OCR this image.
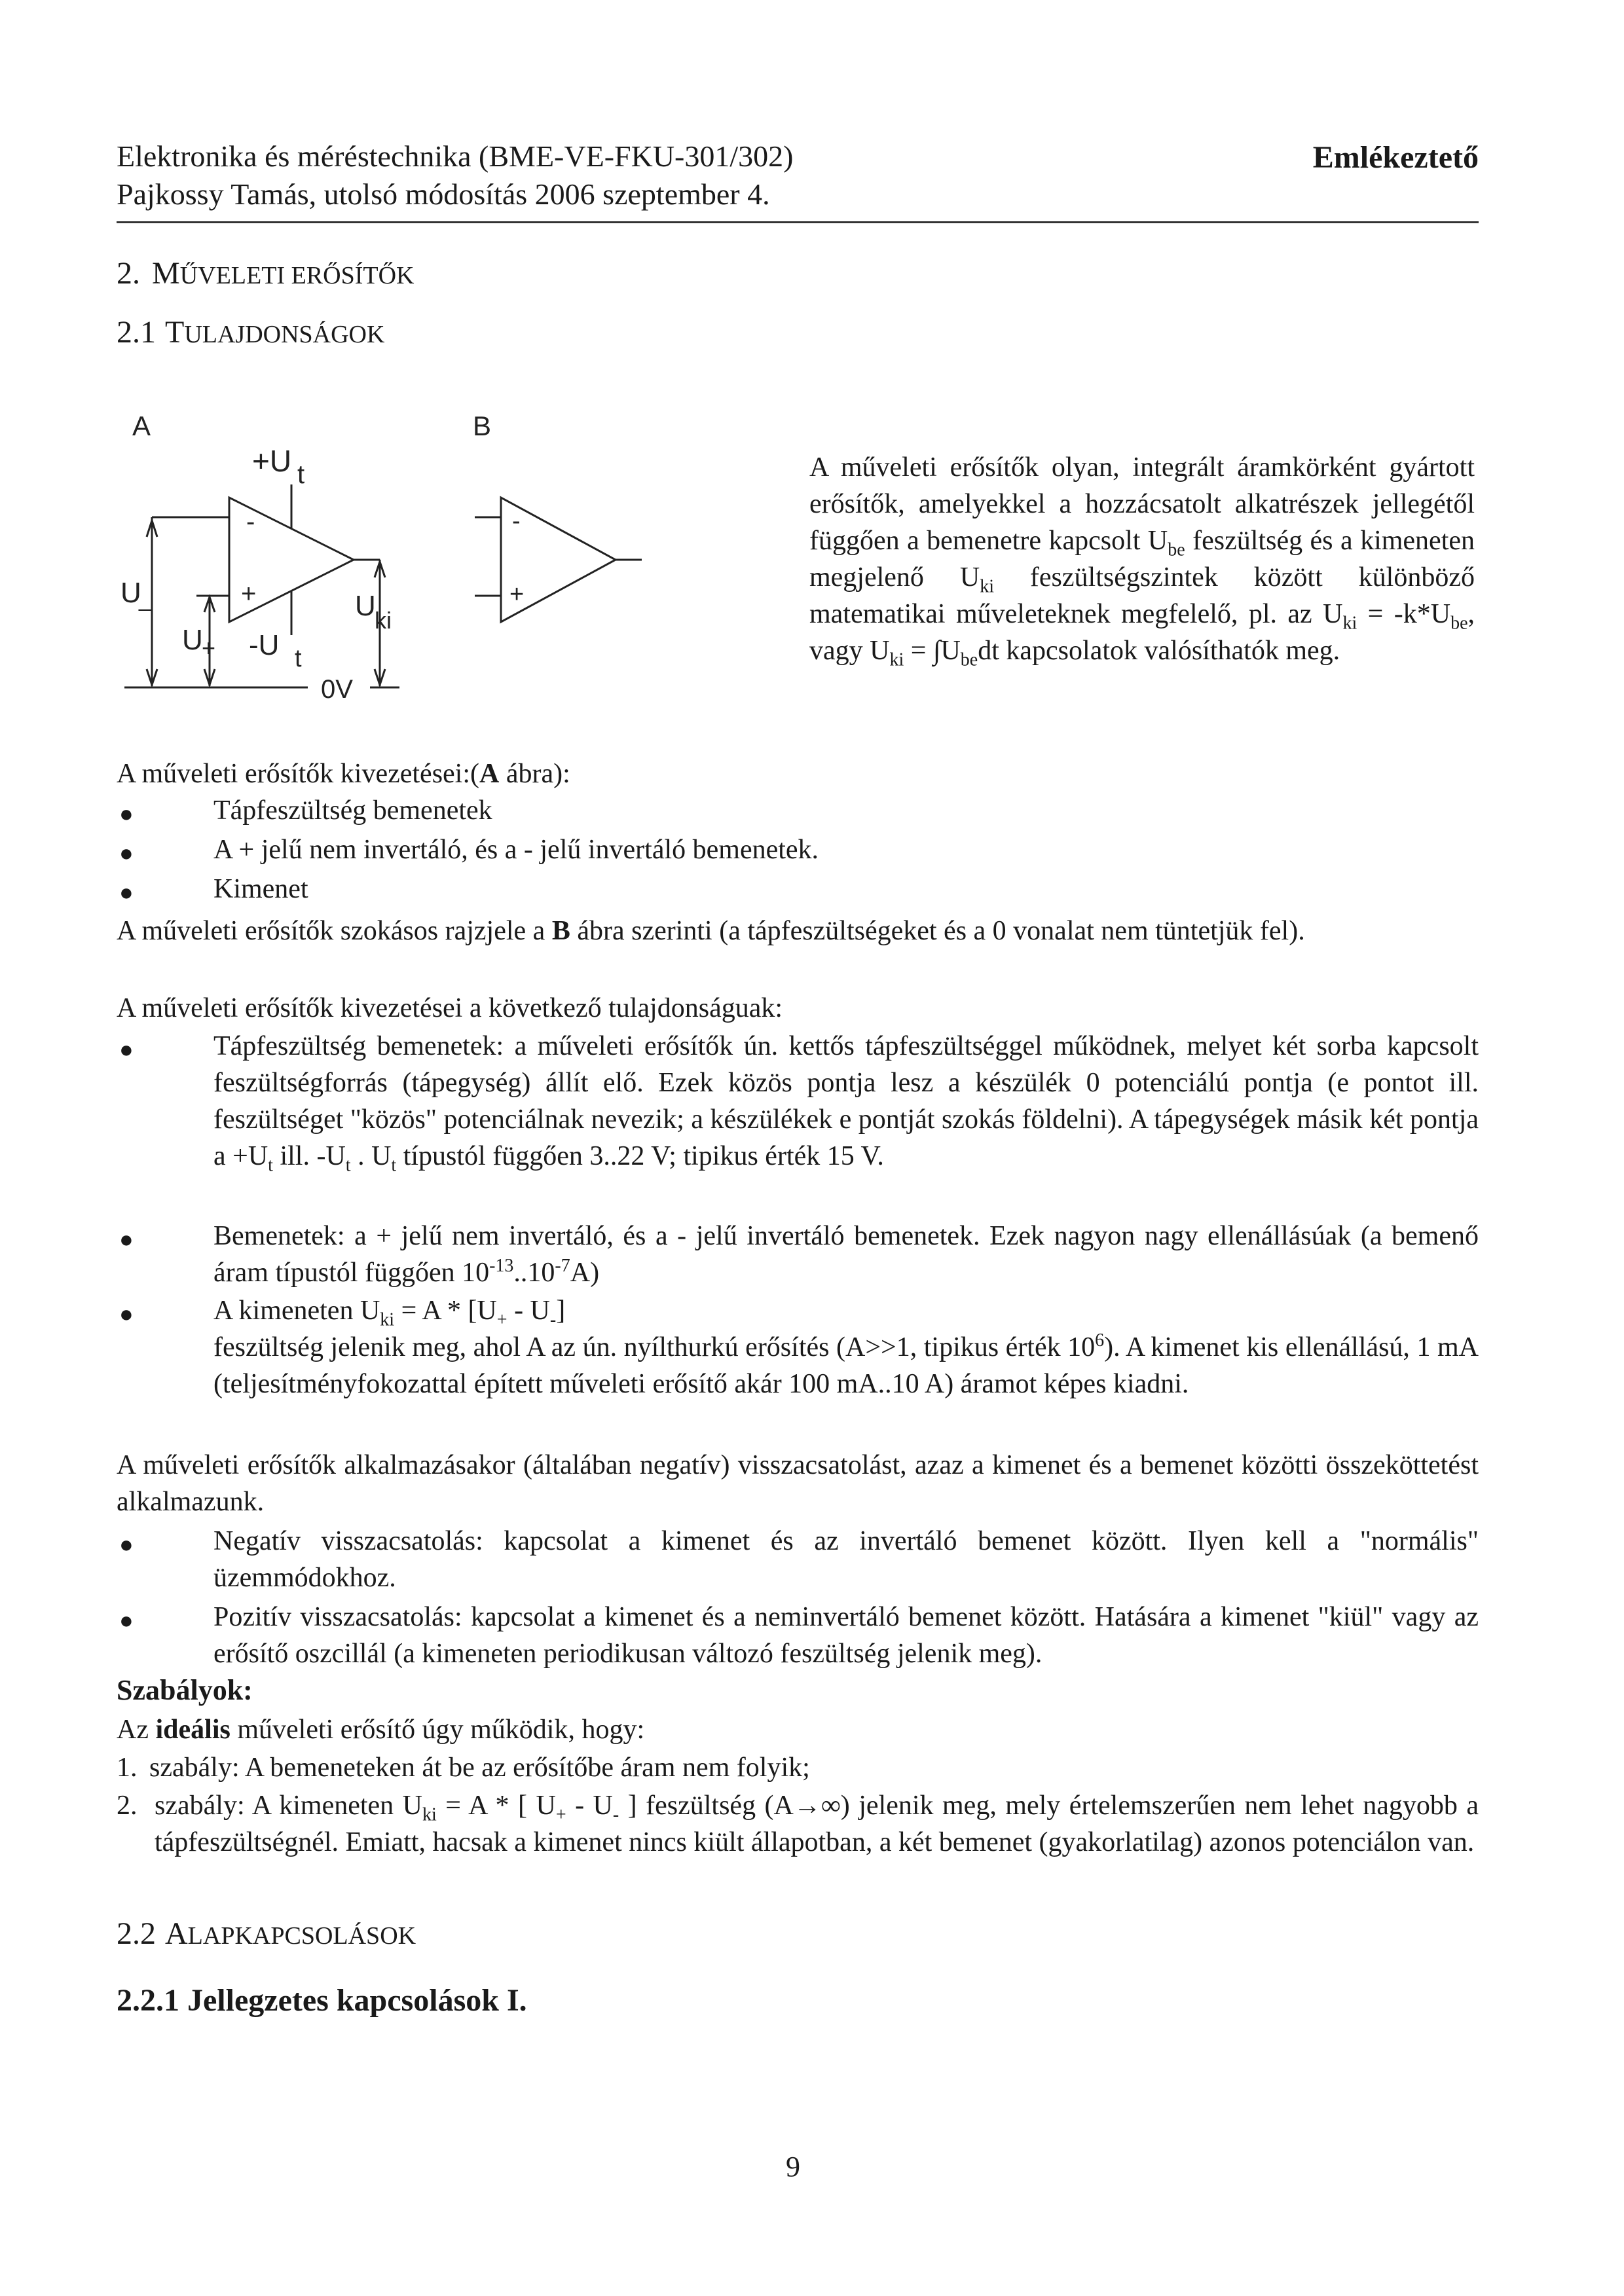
Elektronika és méréstechnika (BME-VE-FKU-301/302)
Pajkossy Tamás, utolsó módosítás 2006 szeptember 4.
Emlékeztető
2. MŰVELETI ERŐSÍTŐK
2.1 TULAJDONSÁGOK
A	B
+U t
-
+
U
_
U
+ -U t
U
ki
0V
-
+
A műveleti erősítők olyan, integrált áramkörként gyártott erősítők, amelyekkel a hozzácsatolt alkatrészek jellegétől függően a bemenetre kapcsolt $U_{be}$ feszültség és a kimeneten megjelenő $U_{ki}$ feszültségszintek között különböző matematikai műveleteknek megfelelő, pl. az $U_{ki} = -k*U_{be}$, vagy $U_{ki} = \int U_{be}dt$ kapcsolatok valósíthatók meg.
A műveleti erősítők kivezetései:(A ábra):
●	Tápfeszültség bemenetek
●	A + jelű nem invertáló, és a - jelű invertáló bemenetek.
●	Kimenet
A műveleti erősítők szokásos rajzjele a B ábra szerinti (a tápfeszültségeket és a 0 vonalat nem tüntetjük fel).
A műveleti erősítők kivezetései a következő tulajdonságuak:
●	Tápfeszültség bemenetek: a műveleti erősítők ún. kettős tápfeszültséggel működnek, melyet két sorba kapcsolt feszültségforrás (tápegység) állít elő. Ezek közös pontja lesz a készülék 0 potenciálú pontja (e pontot ill. feszültséget "közös" potenciálnak nevezik; a készülékek e pontját szokás földelni). A tápegységek másik két pontja $a +U_t$ ill. $-U_t$ . $U_t$ típustól függően 3..22 V; tipikus érték 15 V.
●	Bemenetek: a + jelű nem invertáló, és a - jelű invertáló bemenetek. Ezek nagyon nagy ellenállásúak (a bemenő áram típustól függően $10^{-13}..10^{-7}A$)
●	A kimeneten $U_{ki} = A * [U_+ - U_-]$
feszültség jelenik meg, ahol A az ún. nyílthurkú erősítés (A>>1, tipikus érték $10^6$). A kimenet kis ellenállású, 1 mA (teljesítményfokozattal épített műveleti erősítő akár 100 mA..10 A) áramot képes kiadni.
A műveleti erősítők alkalmazásakor (általában negatív) visszacsatolást, azaz a kimenet és a bemenet közötti összeköttetést alkalmazunk.
●	Negatív visszacsatolás: kapcsolat a kimenet és az invertáló bemenet között. Ilyen kell a "normális" üzemmódokhoz.
●	Pozitív visszacsatolás: kapcsolat a kimenet és a neminvertáló bemenet között. Hatására a kimenet "kiül" vagy az erősítő oszcillál (a kimeneten periodikusan változó feszültség jelenik meg).
Szabályok:
Az ideális műveleti erősítő úgy működik, hogy:
1. szabály: A bemeneteken át be az erősítőbe áram nem folyik;
2. szabály: A kimeneten $U_{ki} = A$ * [ $U_+ - U_-$ ] feszültség (A→∞) jelenik meg, mely értelemszerűen nem lehet nagyobb a tápfeszültségnél. Emiatt, hacsak a kimenet nincs kiült állapotban, a két bemenet (gyakorlatilag) azonos potenciálon van.
2.2 ALAPKAPCSOLÁSOK
2.2.1 Jellegzetes kapcsolások I.
9
